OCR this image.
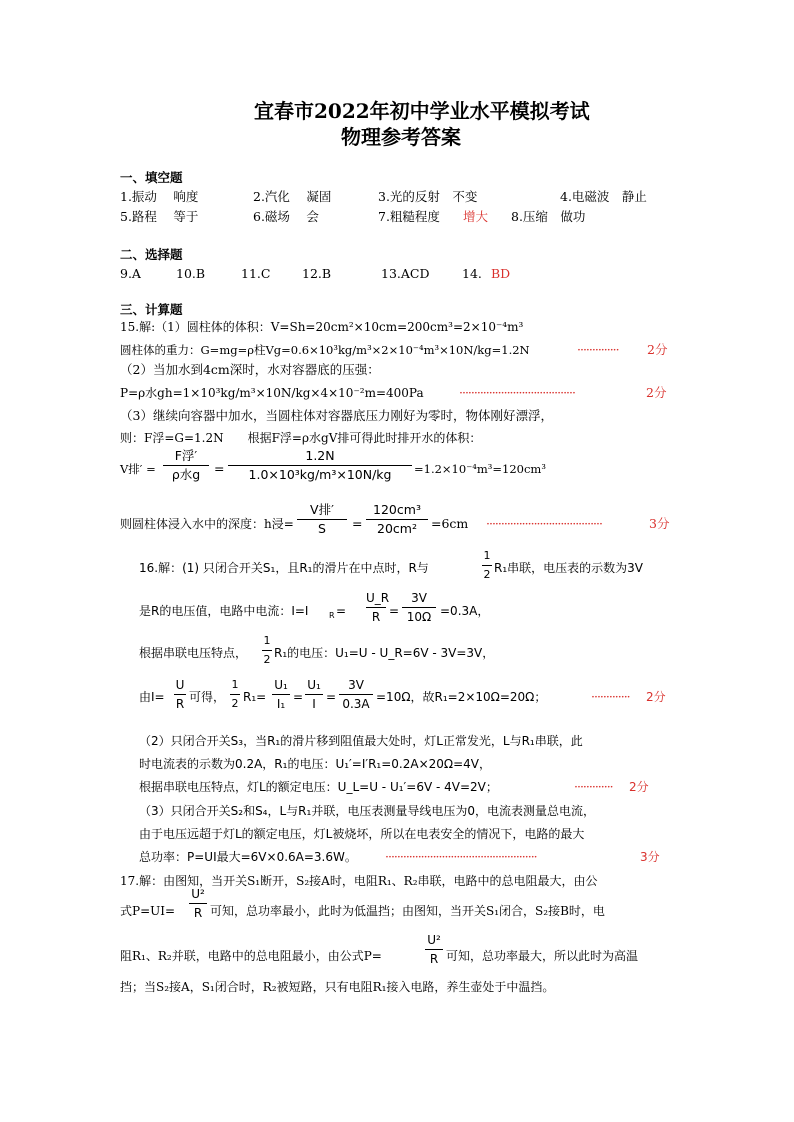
宜春市2022年初中学业水平模拟考试
物理参考答案
一、填空题
1.振动　 响度	2.汽化　 凝固	3.光的反射　不变	4.电磁波　静止
5.路程　 等于	6.磁场　 会	7.粗糙程度 增大 8.压缩　做功
二、选择题
9.A	10.B	11.C	12.B	13.ACD	14. BD
三、计算题
15.解:（1）圆柱体的体积：V=Sh=20cm²×10cm=200cm³=2×10⁻⁴m³
圆柱体的重力：G=mg=ρ柱Vg=0.6×10³kg/m³×2×10⁻⁴m³×10N/kg=1.2N	·············· 2分
（2）当加水到4cm深时，水对容器底的压强：
P=ρ水gh=1×10³kg/m³×10N/kg×4×10⁻²m=400Pa	·······································	2分
（3）继续向容器中加水，当圆柱体对容器底压力刚好为零时，物体刚好漂浮，
则：F浮=G=1.2N　　根据F浮=ρ水gV排可得此时排开水的体积：
V排′ =
F浮′
ρ水g	=
1.2N
1.0×10³kg/m³×10N/kg	=1.2×10⁻⁴m³=120cm³
则圆柱体浸入水中的深度：h浸=
V排′
S	=
120cm³
20cm²	=6cm ·······································	3分
16.解：(1) 只闭合开关S₁，且R₁的滑片在中点时，R与
1
2 R₁串联，电压表的示数为3V
是R的电压值，电路中电流：I=I	R =
U_R
R =
3V
10Ω =0.3A，
根据串联电压特点，
1
2 R₁的电压：U₁=U - U_R=6V - 3V=3V，
由I=
U
R 可得，
1
2 R₁=
U₁
I₁ =
U₁
I =
3V
0.3A =10Ω，故R₁=2×10Ω=20Ω；	············· 2分
（2）只闭合开关S₃，当R₁的滑片移到阻值最大处时，灯L正常发光，L与R₁串联，此
时电流表的示数为0.2A，R₁的电压：U₁′=I′R₁=0.2A×20Ω=4V，
根据串联电压特点，灯L的额定电压：U_L=U - U₁′=6V - 4V=2V；	············· 2分
（3）只闭合开关S₂和S₄，L与R₁并联，电压表测量导线电压为0，电流表测量总电流，
由于电压远超于灯L的额定电压，灯L被烧坏，所以在电表安全的情况下，电路的最大
总功率：P=UI最大=6V×0.6A=3.6W。 ···················································	3分
17.解：由图知，当开关S₁断开，S₂接A时，电阻R₁、R₂串联，电路中的总电阻最大，由公
式P=UI=
U²
R 可知，总功率最小，此时为低温挡；由图知，当开关S₁闭合，S₂接B时，电
阻R₁、R₂并联，电路中的总电阻最小，由公式P=
U²
R 可知，总功率最大，所以此时为高温
挡；当S₂接A，S₁闭合时，R₂被短路，只有电阻R₁接入电路，养生壶处于中温挡。
